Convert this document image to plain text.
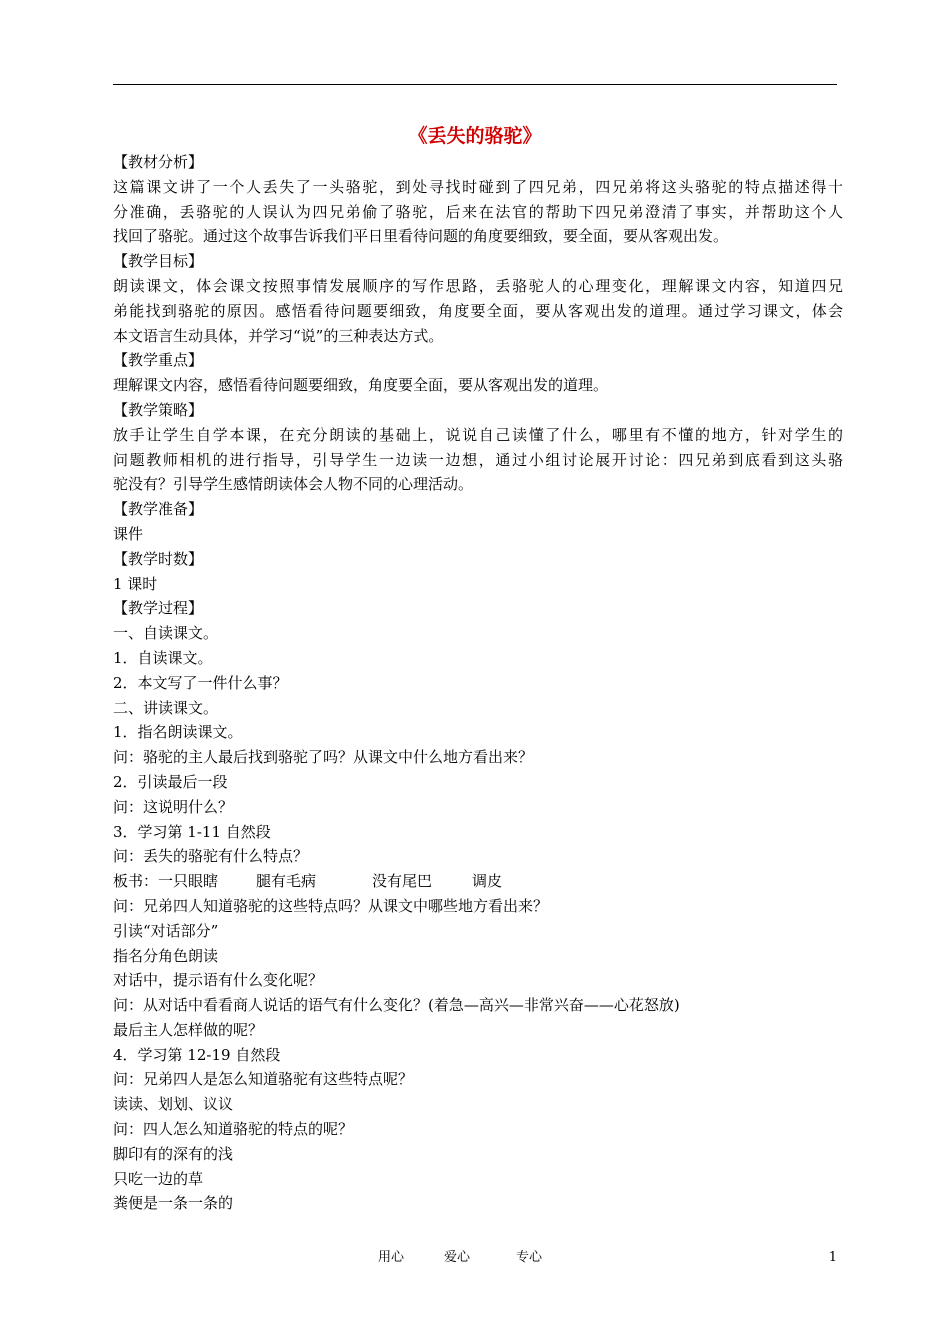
《丢失的骆驼》
【教材分析】
这篇课文讲了一个人丢失了一头骆驼，到处寻找时碰到了四兄弟，四兄弟将这头骆驼的特点描述得十
分准确，丢骆驼的人误认为四兄弟偷了骆驼，后来在法官的帮助下四兄弟澄清了事实，并帮助这个人
找回了骆驼。通过这个故事告诉我们平日里看待问题的角度要细致，要全面，要从客观出发。
【教学目标】
朗读课文，体会课文按照事情发展顺序的写作思路，丢骆驼人的心理变化，理解课文内容，知道四兄
弟能找到骆驼的原因。感悟看待问题要细致，角度要全面，要从客观出发的道理。通过学习课文，体会
本文语言生动具体，并学习“说”的三种表达方式。
【教学重点】
理解课文内容，感悟看待问题要细致，角度要全面，要从客观出发的道理。
【教学策略】
放手让学生自学本课，在充分朗读的基础上，说说自己读懂了什么，哪里有不懂的地方，针对学生的
问题教师相机的进行指导，引导学生一边读一边想，通过小组讨论展开讨论：四兄弟到底看到这头骆
驼没有？引导学生感情朗读体会人物不同的心理活动。
【教学准备】
课件
【教学时数】
1 课时
【教学过程】
一、自读课文。
1．自读课文。
2．本文写了一件什么事？
二、讲读课文。
1．指名朗读课文。
问：骆驼的主人最后找到骆驼了吗？从课文中什么地方看出来？
2．引读最后一段
问：这说明什么？
3．学习第 1-11 自然段
问：丢失的骆驼有什么特点？
板书：一只眼瞎	腿有毛病	没有尾巴	调皮
问：兄弟四人知道骆驼的这些特点吗？从课文中哪些地方看出来？
引读“对话部分”
指名分角色朗读
对话中，提示语有什么变化呢？
问：从对话中看看商人说话的语气有什么变化？(着急—高兴—非常兴奋——心花怒放)
最后主人怎样做的呢？
4．学习第 12-19 自然段
问：兄弟四人是怎么知道骆驼有这些特点呢？
读读、划划、议议
问：四人怎么知道骆驼的特点的呢？
脚印有的深有的浅
只吃一边的草
粪便是一条一条的
用心	爱心	专心	1
